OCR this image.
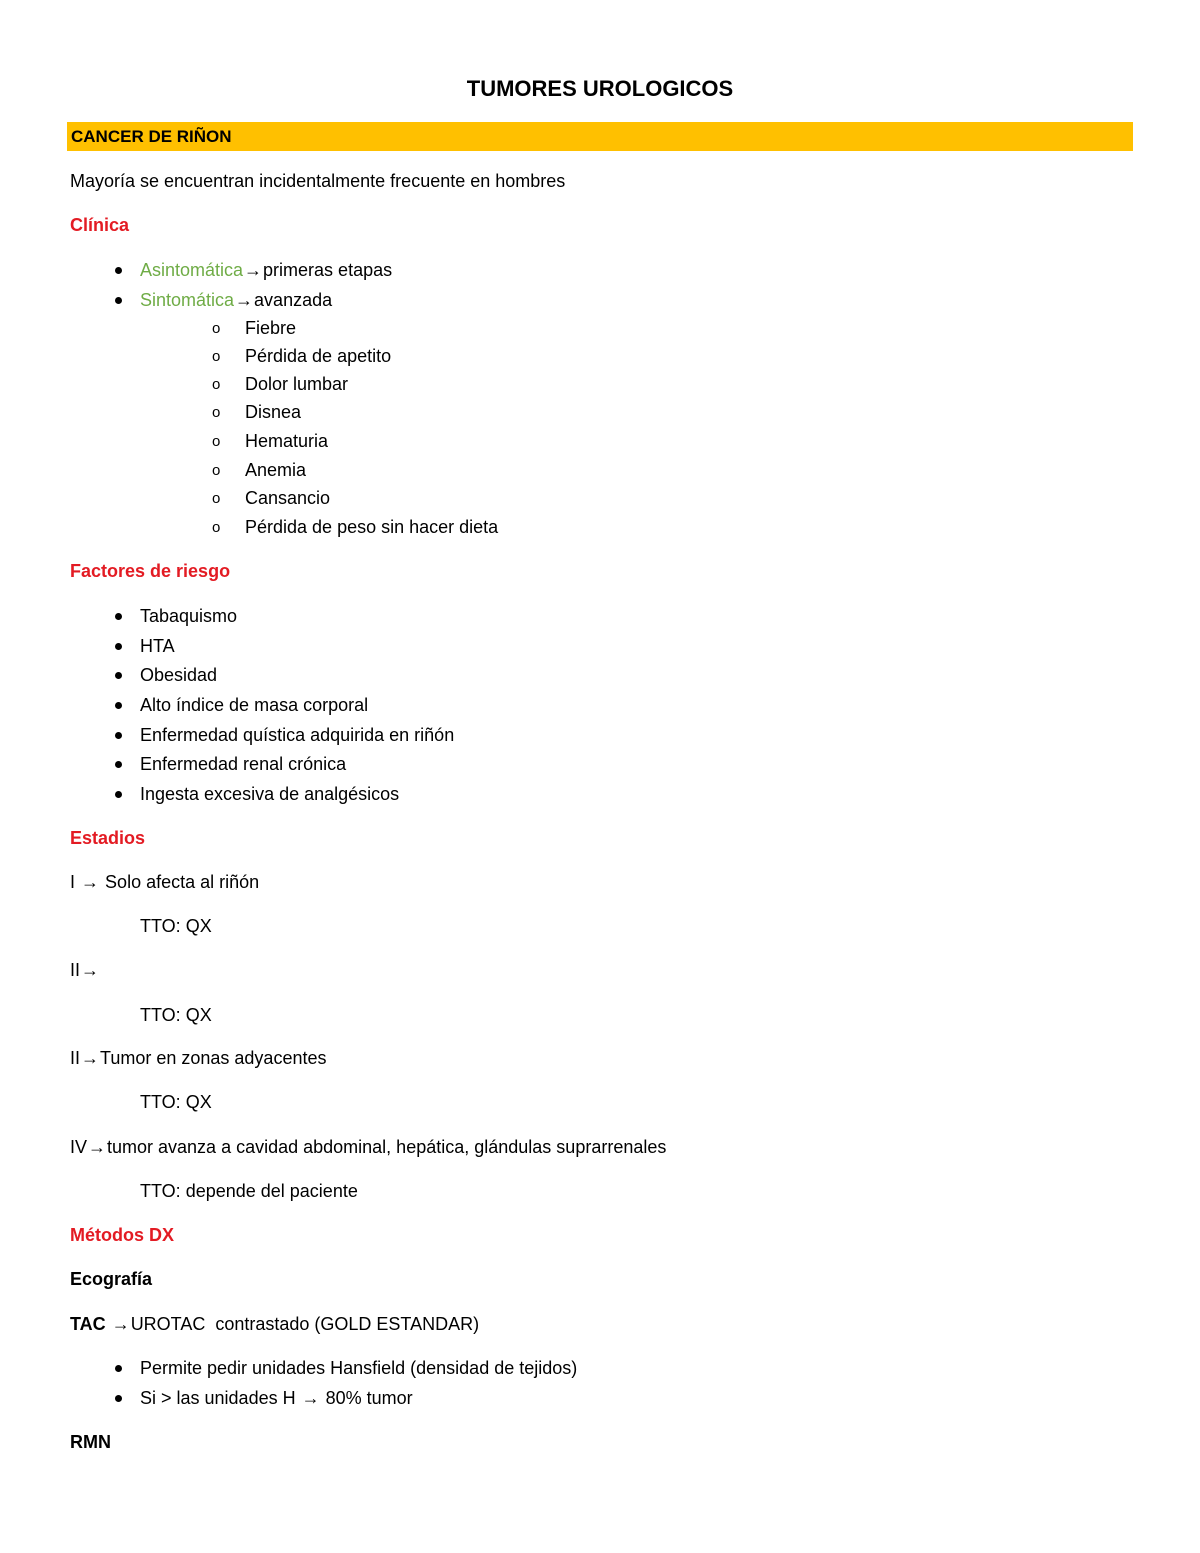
TUMORES UROLOGICOS
CANCER DE RIÑON
Mayoría se encuentran incidentalmente frecuente en hombres
Clínica
Asintomática→primeras etapas
Sintomática→avanzada
o Fiebre
o Pérdida de apetito
o Dolor lumbar
o Disnea
o Hematuria
o Anemia
o Cansancio
o Pérdida de peso sin hacer dieta
Factores de riesgo
Tabaquismo
HTA
Obesidad
Alto índice de masa corporal
Enfermedad quística adquirida en riñón
Enfermedad renal crónica
Ingesta excesiva de analgésicos
Estadios
I → Solo afecta al riñón
TTO: QX
II→
TTO: QX
II→Tumor en zonas adyacentes
TTO: QX
IV→tumor avanza a cavidad abdominal, hepática, glándulas suprarrenales
TTO: depende del paciente
Métodos DX
Ecografía
TAC →UROTAC  contrastado (GOLD ESTANDAR)
Permite pedir unidades Hansfield (densidad de tejidos)
Si > las unidades H → 80% tumor
RMN
